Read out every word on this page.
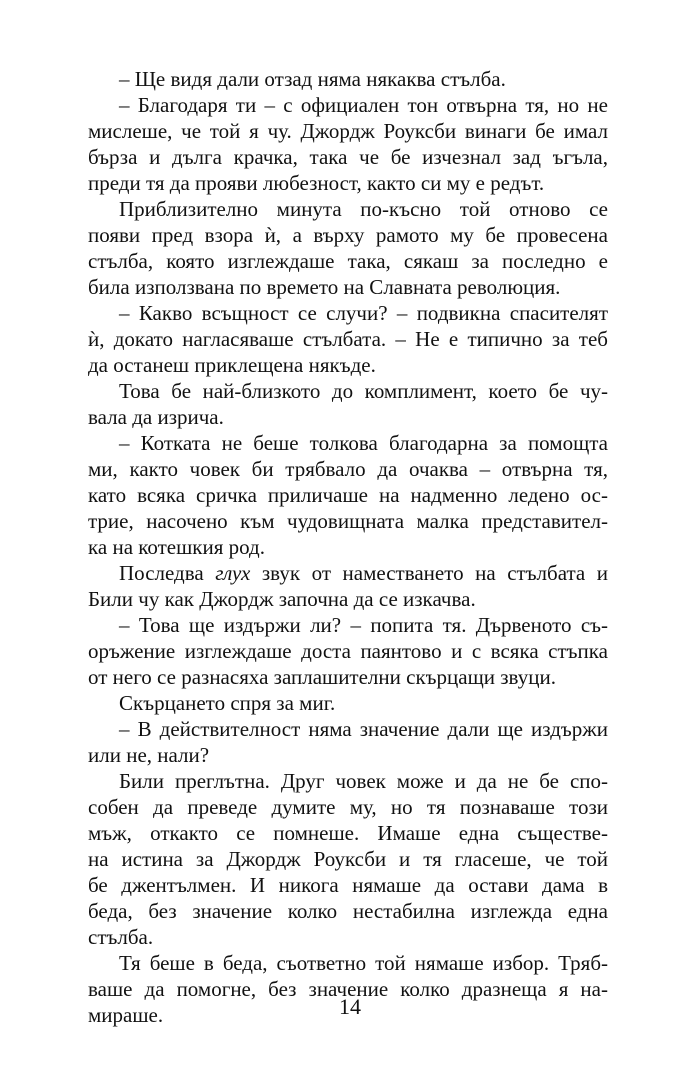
– Ще видя дали отзад няма някаква стълба.
– Благодаря ти – с официален тон отвърна тя, но не
мислеше, че той я чу. Джордж Роуксби винаги бе имал
бърза и дълга крачка, така че бе изчезнал зад ъгъла,
преди тя да прояви любезност, както си му е редът.
Приблизително минута по-късно той отново се
появи пред взора ѝ, а върху рамото му бе провесена
стълба, която изглеждаше така, сякаш за последно е
била използвана по времето на Славната революция.
– Какво всъщност се случи? – подвикна спасителят
ѝ, докато нагласяваше стълбата. – Не е типично за теб
да останеш приклещена някъде.
Това бе най-близкото до комплимент, което бе чу-
вала да изрича.
– Котката не беше толкова благодарна за помощта
ми, както човек би трябвало да очаква – отвърна тя,
като всяка сричка приличаше на надменно ледено ос-
трие, насочено към чудовищната малка представител-
ка на котешкия род.
Последва глух звук от наместването на стълбата и
Били чу как Джордж започна да се изкачва.
– Това ще издържи ли? – попита тя. Дървеното съ-
оръжение изглеждаше доста паянтово и с всяка стъпка
от него се разнасяха заплашителни скърцащи звуци.
Скърцането спря за миг.
– В действителност няма значение дали ще издържи
или не, нали?
Били преглътна. Друг човек може и да не бе спо-
собен да преведе думите му, но тя познаваше този
мъж, откакто се помнеше. Имаше една съществе-
на истина за Джордж Роуксби и тя гласеше, че той
бе джентълмен. И никога нямаше да остави дама в
беда, без значение колко нестабилна изглежда една
стълба.
Тя беше в беда, съответно той нямаше избор. Тряб-
ваше да помогне, без значение колко дразнеща я на-
мираше.	14
